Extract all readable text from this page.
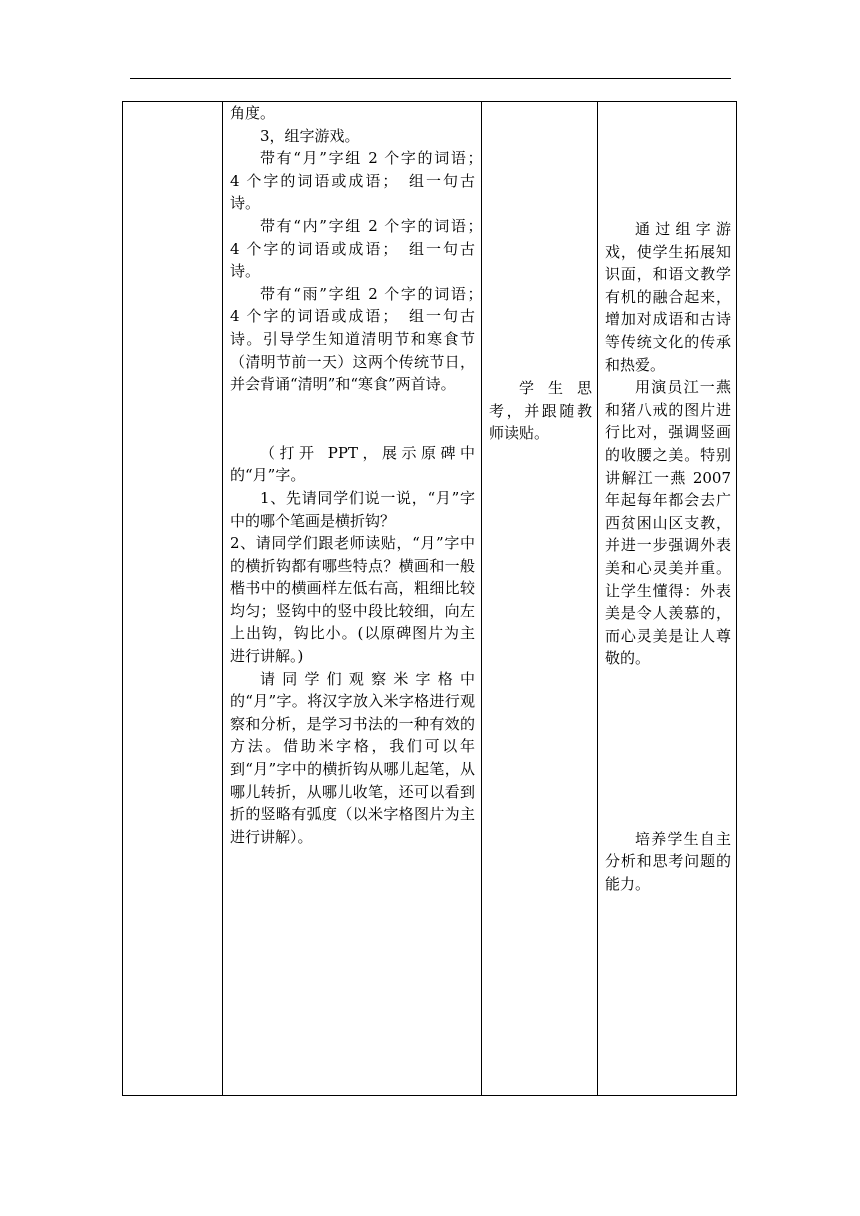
角度。

3，组字游戏。

带有“月”字组 2 个字的词语；　4 个字的词语或成语；　组一句古诗。

带有“内”字组 2 个字的词语；　4 个字的词语或成语；　组一句古诗。

带有“雨”字组 2 个字的词语；　4 个字的词语或成语；　组一句古诗。引导学生知道清明节和寒食节（清明节前一天）这两个传统节日，并会背诵“清明”和“寒食”两首诗。

（打开 PPT，展示原碑中的“月”字。

1、先请同学们说一说，“月”字中的哪个笔画是横折钩？

2、请同学们跟老师读贴，“月”字中的横折钩都有哪些特点？横画和一般楷书中的横画样左低右高，粗细比较均匀；竖钩中的竖中段比较细，向左上出钩，钩比小。(以原碑图片为主进行讲解。)

请同学们观察米字格中的“月”字。将汉字放入米字格进行观察和分析，是学习书法的一种有效的方法。借助米字格，我们可以年到“月”字中的横折钩从哪儿起笔，从哪儿转折，从哪儿收笔，还可以看到折的竖略有弧度（以米字格图片为主进行讲解）。

学 生 思考，并跟随教师读贴。

通过组字游戏，使学生拓展知识面，和语文教学有机的融合起来，增加对成语和古诗等传统文化的传承和热爱。

用演员江一燕和猪八戒的图片进行比对，强调竖画的收腰之美。特别讲解江一燕 2007 年起每年都会去广西贫困山区支教，并进一步强调外表美和心灵美并重。让学生懂得：外表美是令人羡慕的，而心灵美是让人尊敬的。

培养学生自主分析和思考问题的能力。
